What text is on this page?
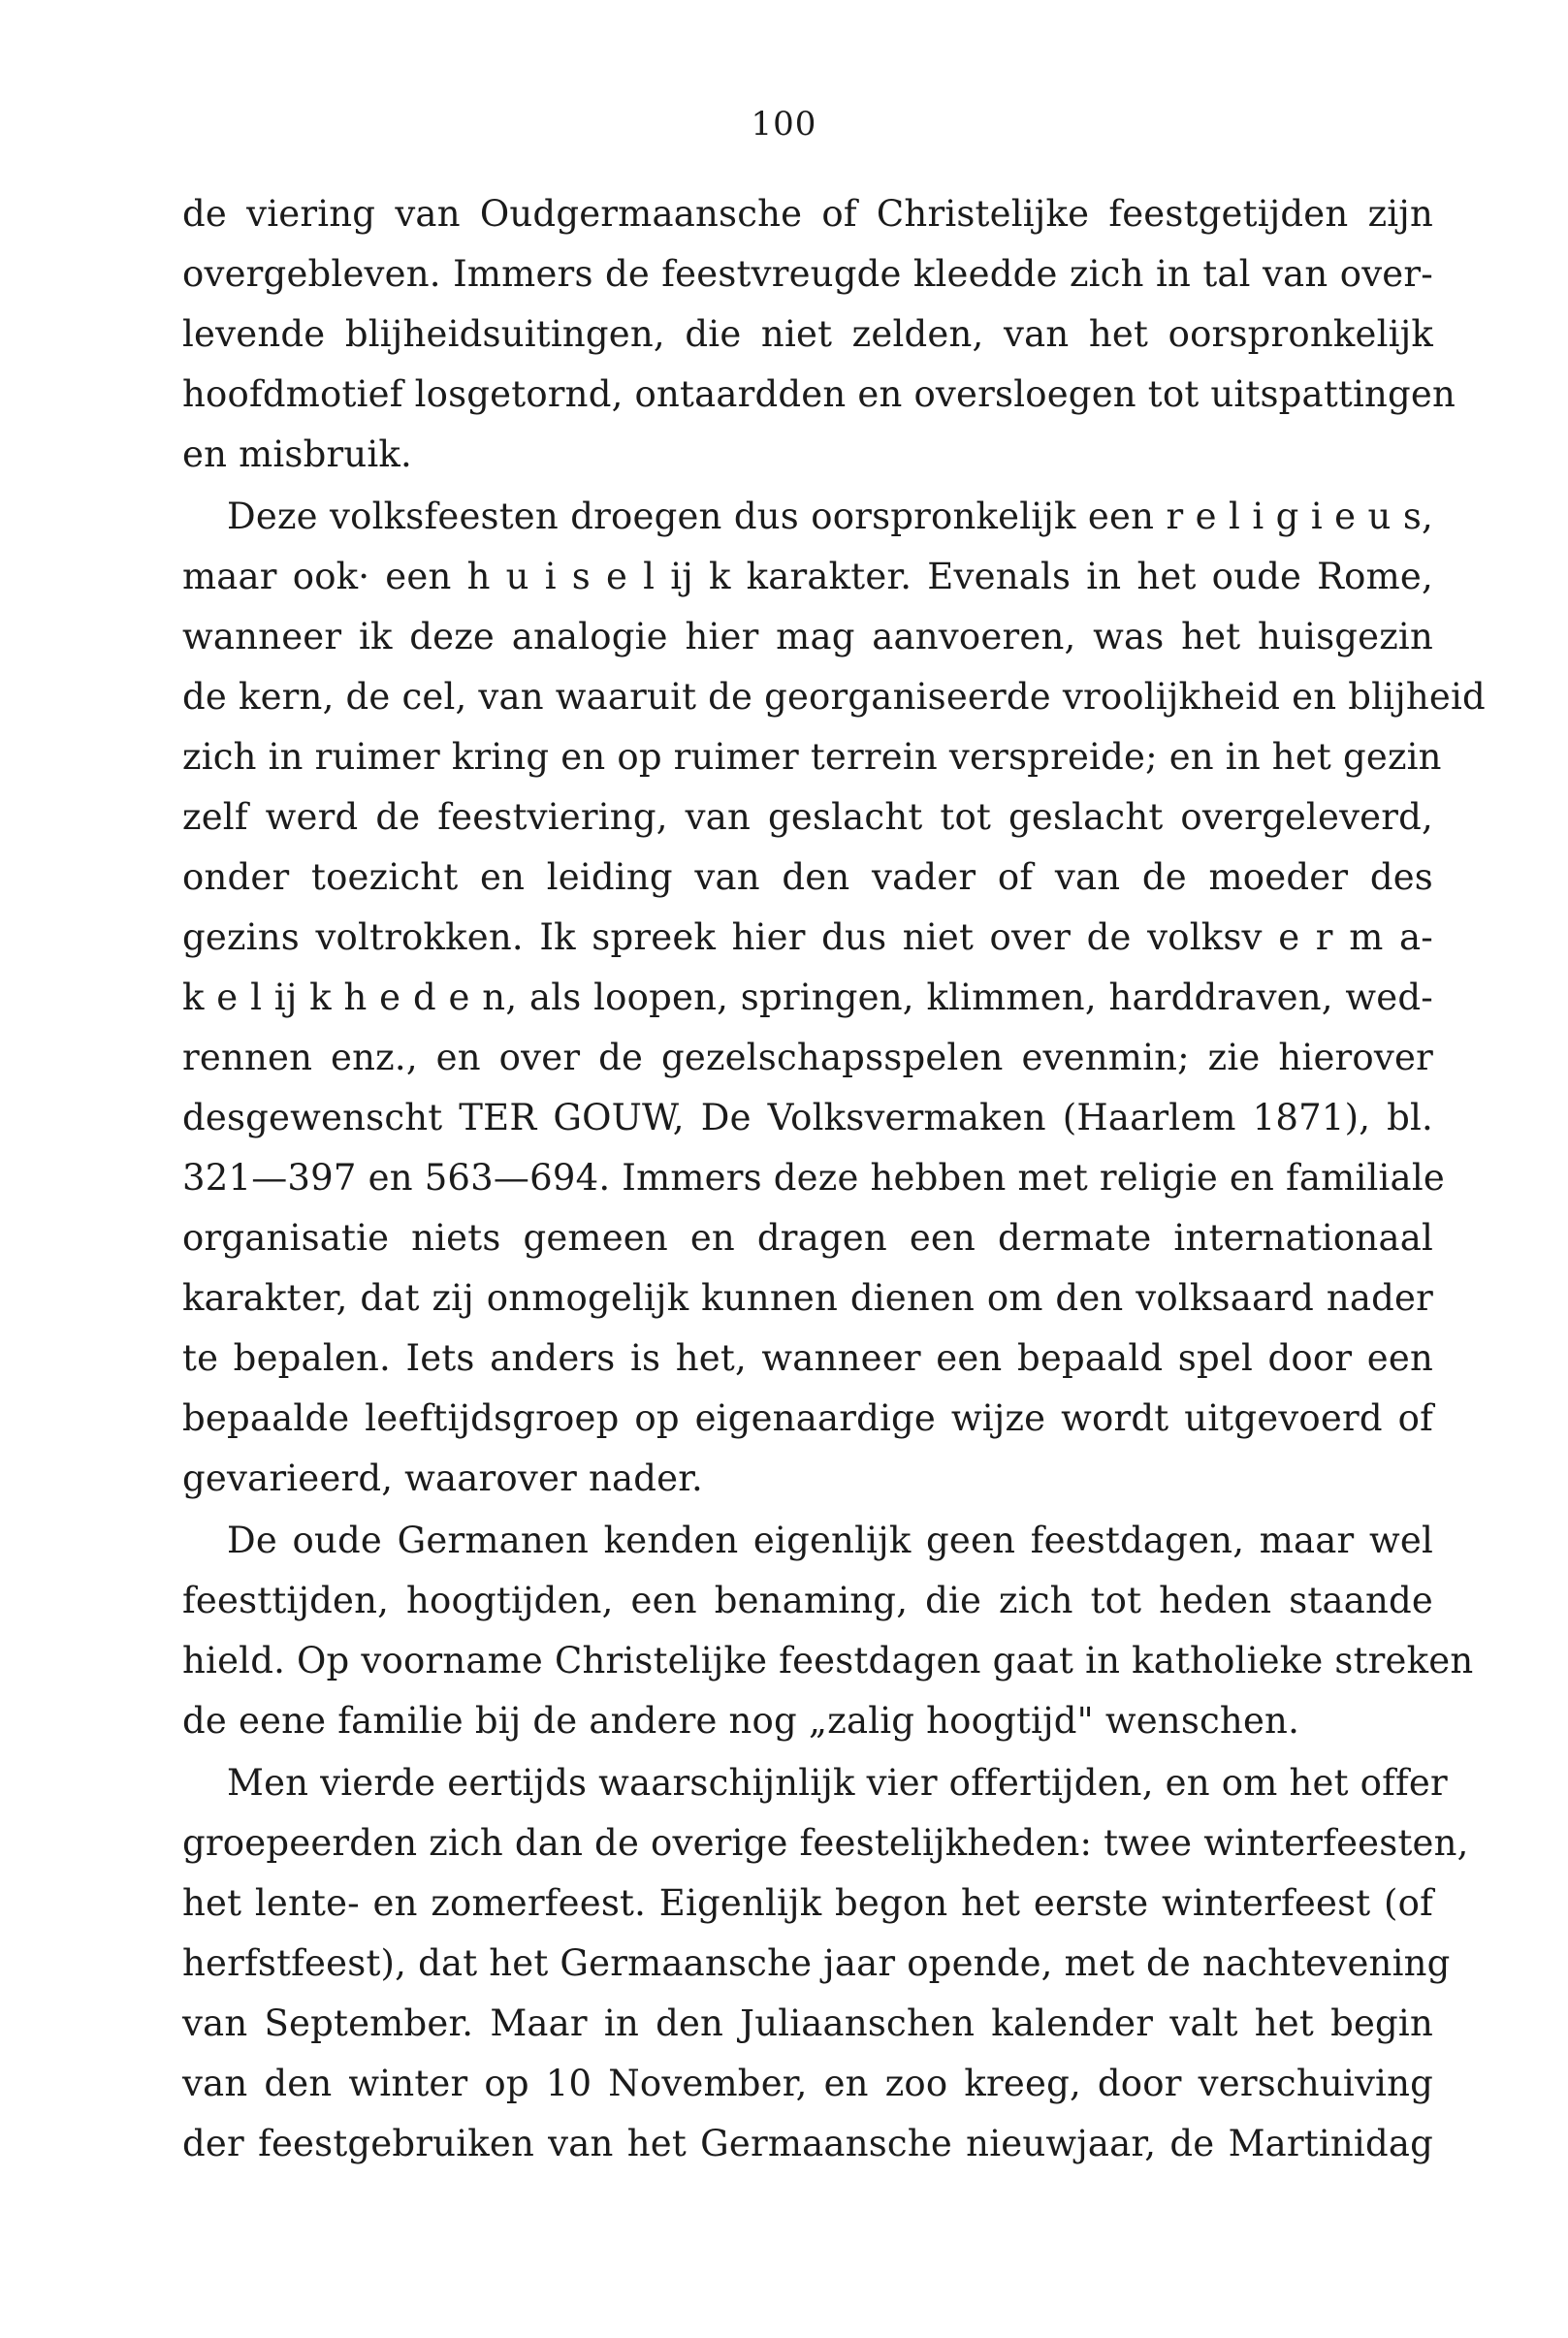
100
de viering van Oudgermaansche of Christelijke feestgetijden zijn
overgebleven. Immers de feestvreugde kleedde zich in tal van over-
levende blijheidsuitingen, die niet zelden, van het oorspronkelijk
hoofdmotief losgetornd, ontaardden en oversloegen tot uitspattingen
en misbruik.
Deze volksfeesten droegen dus oorspronkelijk een r e l i g i e u s,
maar ook· een h u i s e l ij k karakter. Evenals in het oude Rome,
wanneer ik deze analogie hier mag aanvoeren, was het huisgezin
de kern, de cel, van waaruit de georganiseerde vroolijkheid en blijheid
zich in ruimer kring en op ruimer terrein verspreide; en in het gezin
zelf werd de feestviering, van geslacht tot geslacht overgeleverd,
onder toezicht en leiding van den vader of van de moeder des
gezins voltrokken. Ik spreek hier dus niet over de volksv e r m a-
k e l ij k h e d e n, als loopen, springen, klimmen, harddraven, wed-
rennen enz., en over de gezelschapsspelen evenmin; zie hierover
desgewenscht TER GOUW, De Volksvermaken (Haarlem 1871), bl.
321—397 en 563—694. Immers deze hebben met religie en familiale
organisatie niets gemeen en dragen een dermate internationaal
karakter, dat zij onmogelijk kunnen dienen om den volksaard nader
te bepalen. Iets anders is het, wanneer een bepaald spel door een
bepaalde leeftijdsgroep op eigenaardige wijze wordt uitgevoerd of
gevarieerd, waarover nader.
De oude Germanen kenden eigenlijk geen feestdagen, maar wel
feesttijden, hoogtijden, een benaming, die zich tot heden staande
hield. Op voorname Christelijke feestdagen gaat in katholieke streken
de eene familie bij de andere nog „zalig hoogtijd" wenschen.
Men vierde eertijds waarschijnlijk vier offertijden, en om het offer
groepeerden zich dan de overige feestelijkheden: twee winterfeesten,
het lente- en zomerfeest. Eigenlijk begon het eerste winterfeest (of
herfstfeest), dat het Germaansche jaar opende, met de nachtevening
van September. Maar in den Juliaanschen kalender valt het begin
van den winter op 10 November, en zoo kreeg, door verschuiving
der feestgebruiken van het Germaansche nieuwjaar, de Martinidag
